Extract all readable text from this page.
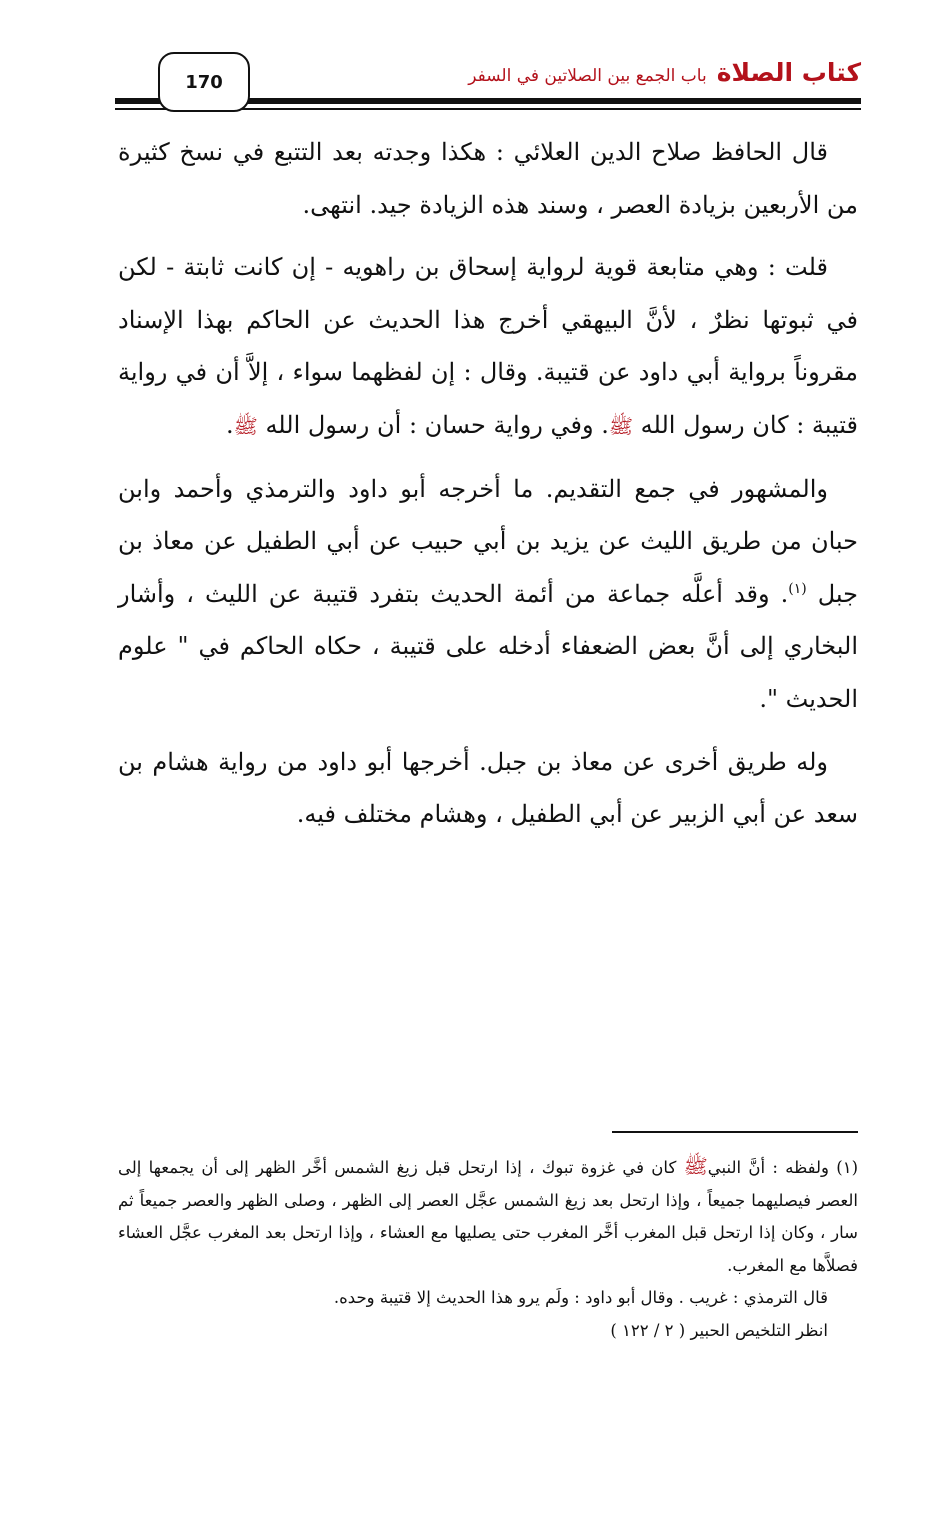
170	كتاب الصلاة
باب الجمع بين الصلاتين في السفر

قال الحافظ صلاح الدين العلائي : هكذا وجدته بعد التتبع في نسخ كثيرة من الأربعين بزيادة العصر ، وسند هذه الزيادة جيد. انتهى.

قلت : وهي متابعة قوية لرواية إسحاق بن راهويه - إن كانت ثابتة - لكن في ثبوتها نظرٌ ، لأنَّ البيهقي أخرج هذا الحديث عن الحاكم بهذا الإسناد مقروناً برواية أبي داود عن قتيبة. وقال : إن لفظهما سواء ، إلاَّ أن في رواية قتيبة : كان رسول الله ﷺ. وفي رواية حسان : أن رسول الله ﷺ.

والمشهور في جمع التقديم. ما أخرجه أبو داود والترمذي وأحمد وابن حبان من طريق الليث عن يزيد بن أبي حبيب عن أبي الطفيل عن معاذ بن جبل $^{(١)}$. وقد أعلَّه جماعة من أئمة الحديث بتفرد قتيبة عن الليث ، وأشار البخاري إلى أنَّ بعض الضعفاء أدخله على قتيبة ، حكاه الحاكم في " علوم الحديث ".

وله طريق أخرى عن معاذ بن جبل. أخرجها أبو داود من رواية هشام بن سعد عن أبي الزبير عن أبي الطفيل ، وهشام مختلف فيه.

(١) ولفظه : أنَّ النبيﷺ كان في غزوة تبوك ، إذا ارتحل قبل زيغ الشمس أخَّر الظهر إلى أن يجمعها إلى العصر فيصليهما جميعاً ، وإذا ارتحل بعد زيغ الشمس عجَّل العصر إلى الظهر ، وصلى الظهر والعصر جميعاً ثم سار ، وكان إذا ارتحل قبل المغرب أخَّر المغرب حتى يصليها مع العشاء ، وإذا ارتحل بعد المغرب عجَّل العشاء فصلاَّها مع المغرب.

قال الترمذي : غريب . وقال أبو داود : ولَم يرو هذا الحديث إلا قتيبة وحده.

انظر التلخيص الحبير ( ٢ / ١٢٢ )
